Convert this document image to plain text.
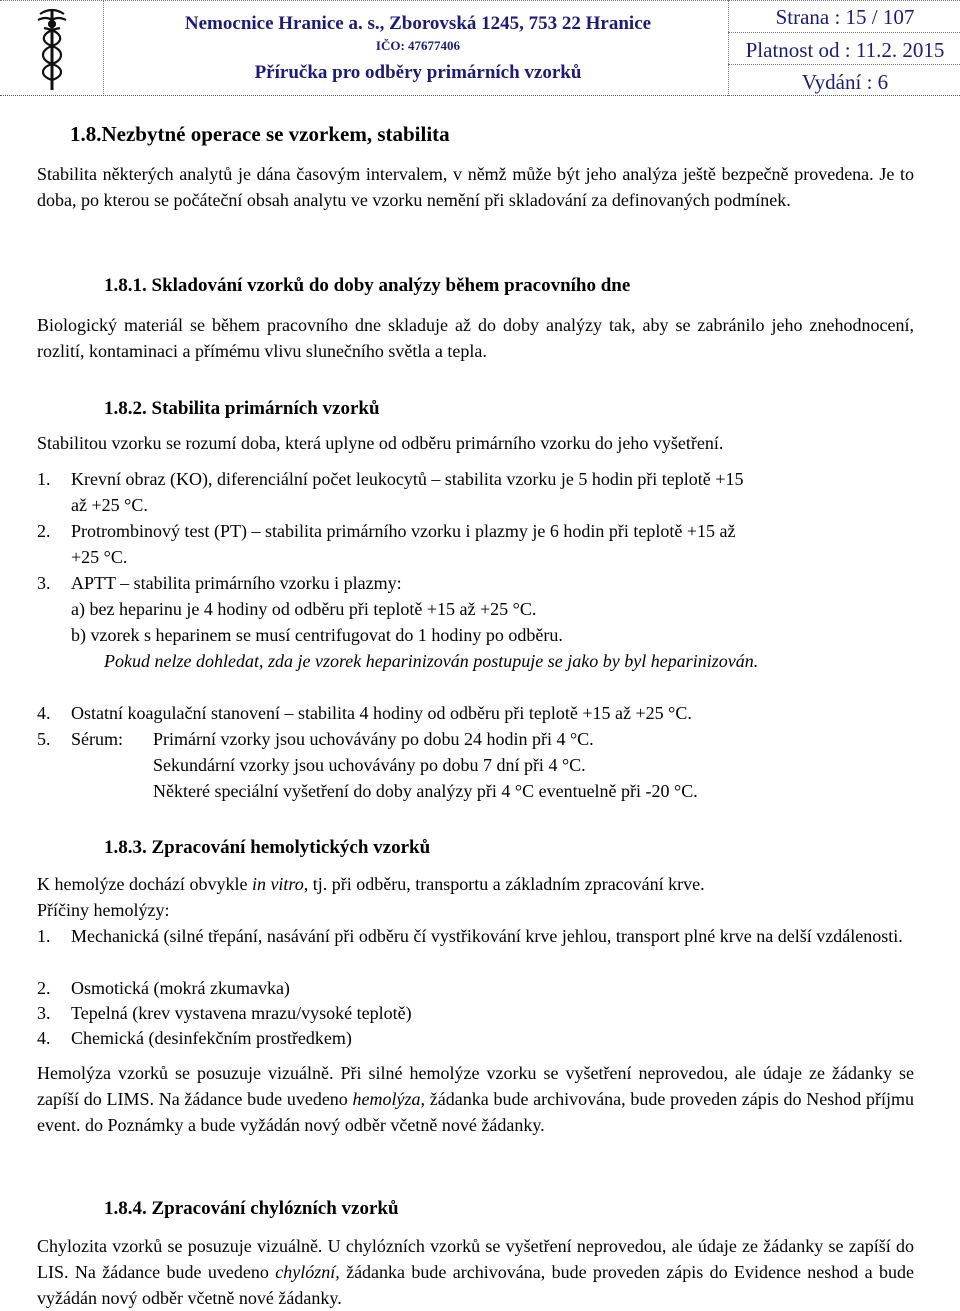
Nemocnice Hranice a. s., Zborovská 1245, 753 22 Hranice
IČO: 47677406
Příručka pro odběry primárních vzorků
Strana : 15 / 107
Platnost od : 11.2. 2015
Vydání : 6
1.8.Nezbytné operace se vzorkem, stabilita
Stabilita některých analytů je dána časovým intervalem, v němž může být jeho analýza ještě bezpečně provedena. Je to doba, po kterou se počáteční obsah analytu ve vzorku nemění při skladování za definovaných podmínek.
1.8.1. Skladování vzorků do doby analýzy během pracovního dne
Biologický materiál se během pracovního dne skladuje až do doby analýzy tak, aby se zabránilo jeho znehodnocení, rozlití, kontaminaci a přímému vlivu slunečního světla a tepla.
1.8.2. Stabilita primárních vzorků
Stabilitou vzorku se rozumí doba, která uplyne od odběru primárního vzorku do jeho vyšetření.
1. Krevní obraz (KO), diferenciální počet leukocytů – stabilita vzorku je 5 hodin při teplotě +15
až +25 °C.
2. Protrombinový test (PT) – stabilita primárního vzorku i plazmy je 6 hodin při teplotě +15 až
+25 °C.
3. APTT – stabilita primárního vzorku i plazmy:
a) bez heparinu je 4 hodiny od odběru při teplotě +15 až +25 °C.
b) vzorek s heparinem se musí centrifugovat do 1 hodiny po odběru.
Pokud nelze dohledat, zda je vzorek heparinizován postupuje se jako by byl heparinizován.
4. Ostatní koagulační stanovení – stabilita 4 hodiny od odběru při teplotě +15 až +25 °C.
5. Sérum: Primární vzorky jsou uchovávány po dobu 24 hodin při 4 °C.
Sekundární vzorky jsou uchovávány po dobu 7 dní při 4 °C.
Některé speciální vyšetření do doby analýzy při 4 °C eventuelně při -20 °C.
1.8.3. Zpracování hemolytických vzorků
K hemolýze dochází obvykle in vitro, tj. při odběru, transportu a základním zpracování krve.
Příčiny hemolýzy:
1. Mechanická (silné třepání, nasávání při odběru čí vystřikování krve jehlou, transport plné krve na delší vzdálenosti.
2. Osmotická (mokrá zkumavka)
3. Tepelná (krev vystavena mrazu/vysoké teplotě)
4. Chemická (desinfekčním prostředkem)
Hemolýza vzorků se posuzuje vizuálně. Při silné hemolýze vzorku se vyšetření neprovedou, ale údaje ze žádanky se zapíší do LIMS. Na žádance bude uvedeno hemolýza, žádanka bude archivována, bude proveden zápis do Neshod příjmu event. do Poznámky a bude vyžádán nový odběr včetně nové žádanky.
1.8.4. Zpracování chylózních vzorků
Chylozita vzorků se posuzuje vizuálně. U chylózních vzorků se vyšetření neprovedou, ale údaje ze žádanky se zapíší do LIS. Na žádance bude uvedeno chylózní, žádanka bude archivována, bude proveden zápis do Evidence neshod a bude vyžádán nový odběr včetně nové žádanky.
